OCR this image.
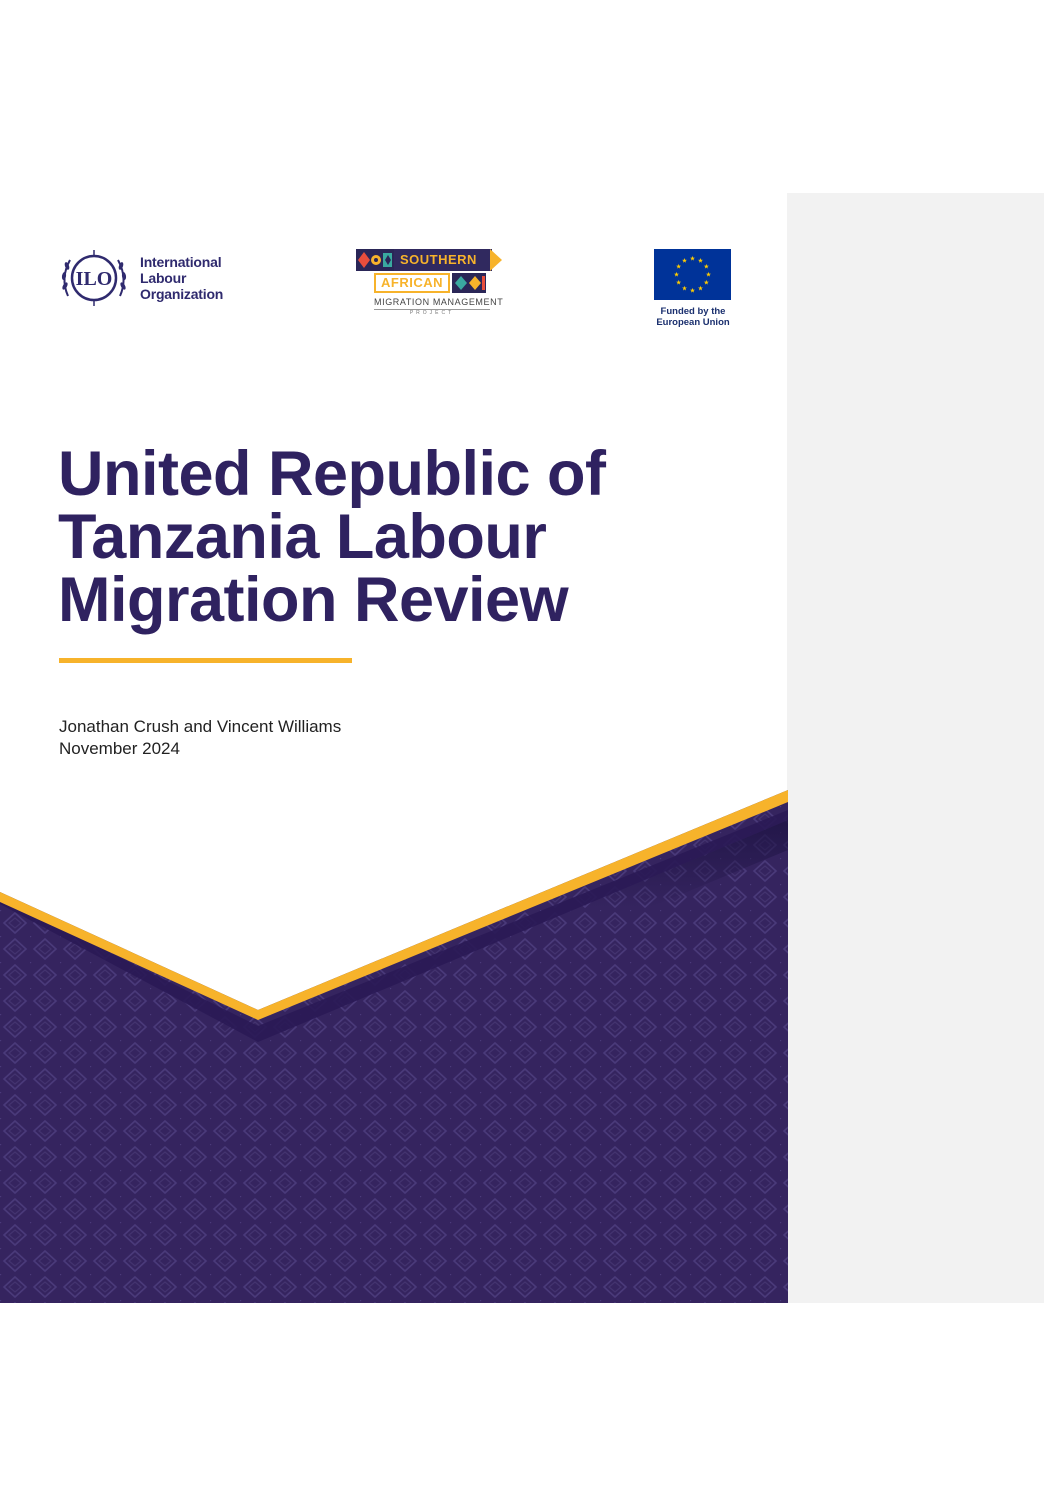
ILO
International
Labour
Organization
SOUTHERN
AFRICAN
MIGRATION MANAGEMENT
PROJECT	Funded by the
European Union
United Republic of
Tanzania Labour
Migration Review
Jonathan Crush and Vincent Williams
November 2024
